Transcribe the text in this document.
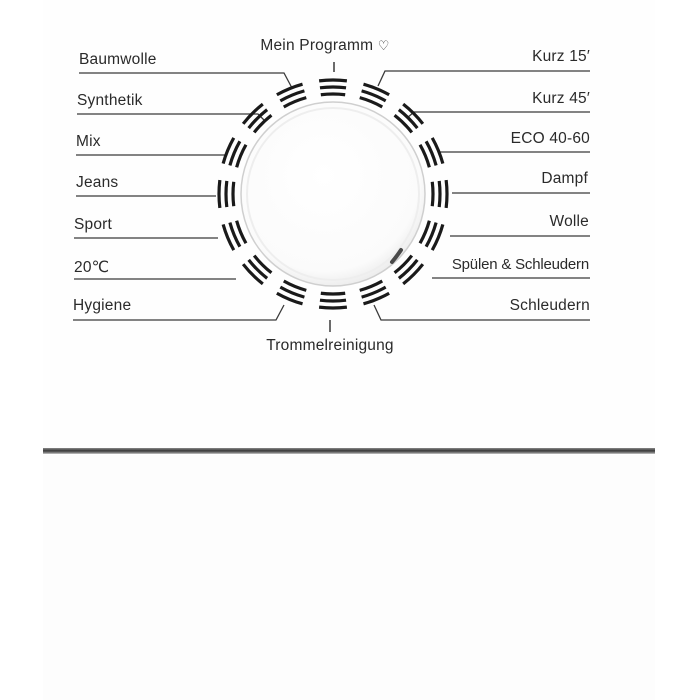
Mein Programm ♡
Trommelreinigung
Baumwolle
Synthetik
Mix
Jeans
Sport
20℃
Hygiene
Kurz 15′
Kurz 45′
ECO 40-60
Dampf
Wolle
Spülen & Schleudern
Schleudern
